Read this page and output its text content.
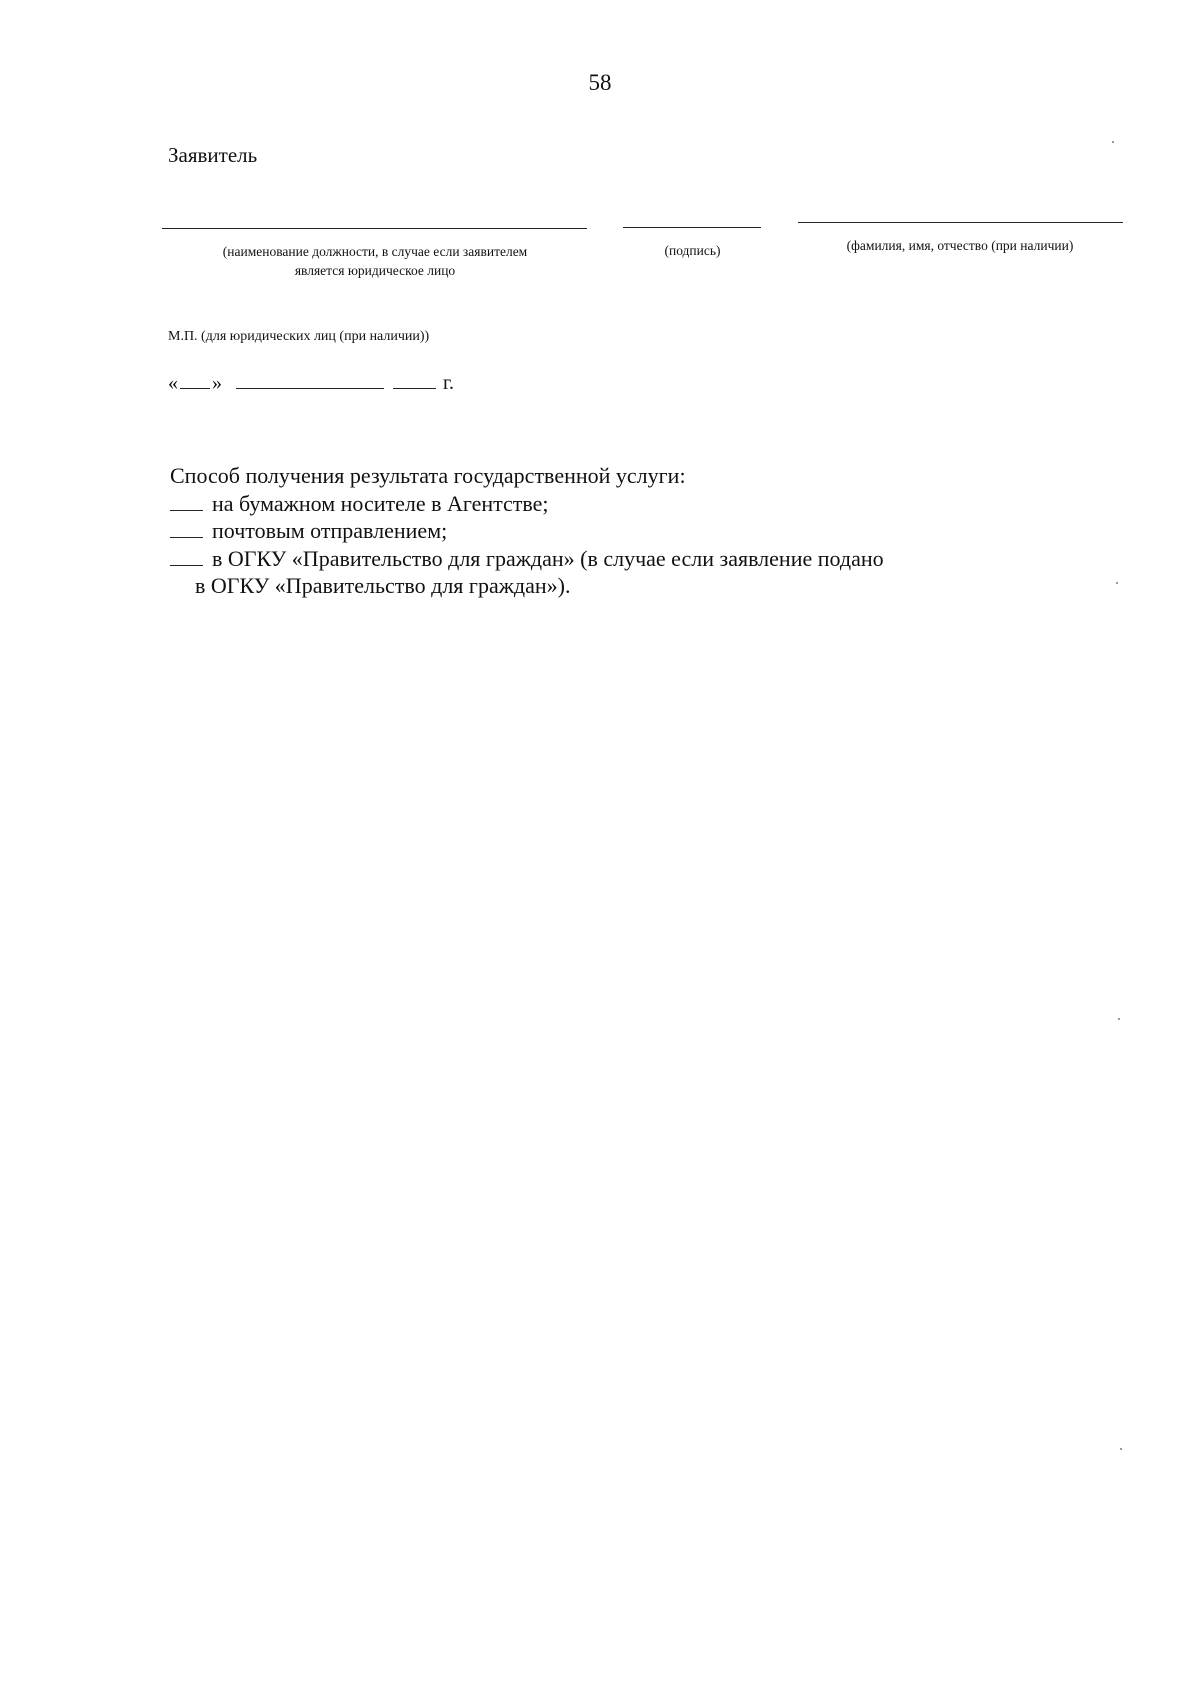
58
Заявитель
(наименование должности, в случае если заявителем
является юридическое лицо
(подпись)	(фамилия, имя, отчество (при наличии)
М.П. (для юридических лиц (при наличии))
« »	г.
Способ получения результата государственной услуги:
на бумажном носителе в Агентстве;
почтовым отправлением;
в ОГКУ «Правительство для граждан» (в случае если заявление подано
в ОГКУ «Правительство для граждан»).
